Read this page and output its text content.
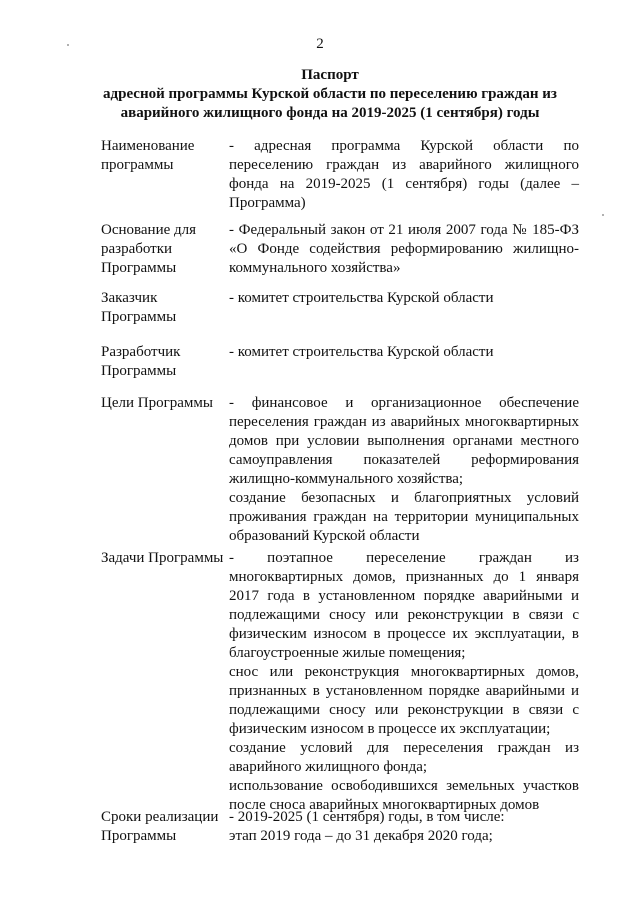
2
Паспорт
адресной программы Курской области по переселению граждан из
аварийного жилищного фонда на 2019-2025 (1 сентября) годы
Наименование программы

- адресная программа Курской области по переселению граждан из аварийного жилищного фонда на 2019-2025 (1 сентября) годы (далее – Программа)

Основание для разработки Программы

- Федеральный закон от 21 июля 2007 года № 185-ФЗ «О Фонде содействия реформированию жилищно-коммунального хозяйства»

Заказчик Программы

- комитет строительства Курской области

Разработчик Программы

- комитет строительства Курской области

Цели Программы	- финансовое и организационное обеспечение переселения граждан из аварийных многоквартирных домов при условии выполнения органами местного самоуправления показателей реформирования жилищно-коммунального хозяйства;

создание безопасных и благоприятных условий проживания граждан на территории муниципальных образований Курской области

Задачи Программы - поэтапное переселение граждан из многоквартирных домов, признанных до 1 января 2017 года в установленном порядке аварийными и подлежащими сносу или реконструкции в связи с физическим износом в процессе их эксплуатации, в благоустроенные жилые помещения;

снос или реконструкция многоквартирных домов, признанных в установленном порядке аварийными и подлежащими сносу или реконструкции в связи с физическим износом в процессе их эксплуатации;

создание условий для переселения граждан из аварийного жилищного фонда;

использование освободившихся земельных участков после сноса аварийных многоквартирных домов

Сроки реализации Программы

- 2019-2025 (1 сентября) годы, в том числе:

этап 2019 года – до 31 декабря 2020 года;
